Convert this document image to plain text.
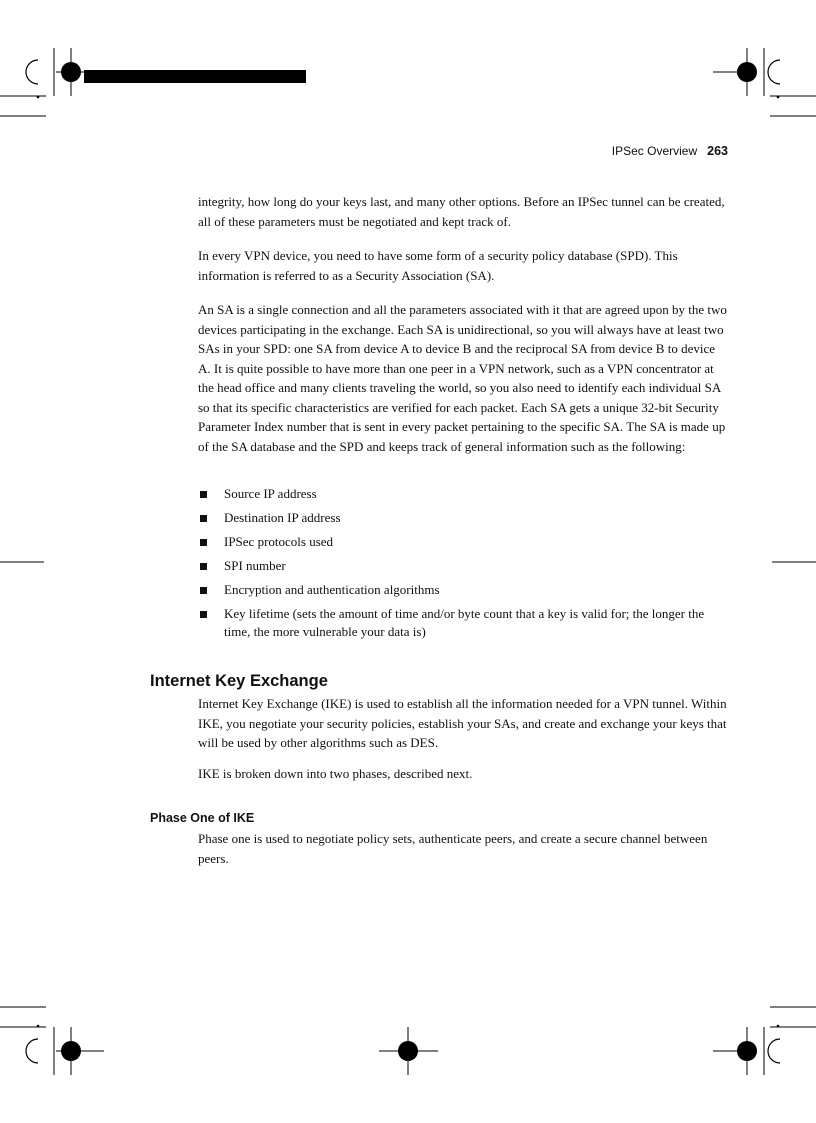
IPSec Overview 263

integrity, how long do your keys last, and many other options. Before an IPSec tunnel can be created, all of these parameters must be negotiated and kept track of.

In every VPN device, you need to have some form of a security policy database (SPD). This information is referred to as a Security Association (SA).

An SA is a single connection and all the parameters associated with it that are agreed upon by the two devices participating in the exchange. Each SA is unidirectional, so you will always have at least two SAs in your SPD: one SA from device A to device B and the reciprocal SA from device B to device A. It is quite possible to have more than one peer in a VPN network, such as a VPN concentrator at the head office and many clients traveling the world, so you also need to identify each individual SA so that its specific characteristics are verified for each packet. Each SA gets a unique 32-bit Security Parameter Index number that is sent in every packet pertaining to the specific SA. The SA is made up of the SA database and the SPD and keeps track of general information such as the following:

Source IP address
Destination IP address
IPSec protocols used
SPI number
Encryption and authentication algorithms
Key lifetime (sets the amount of time and/or byte count that a key is valid for; the longer the time, the more vulnerable your data is)
Internet Key Exchange

Internet Key Exchange (IKE) is used to establish all the information needed for a VPN tunnel. Within IKE, you negotiate your security policies, establish your SAs, and create and exchange your keys that will be used by other algorithms such as DES.

IKE is broken down into two phases, described next.

Phase One of IKE

Phase one is used to negotiate policy sets, authenticate peers, and create a secure channel between peers.
